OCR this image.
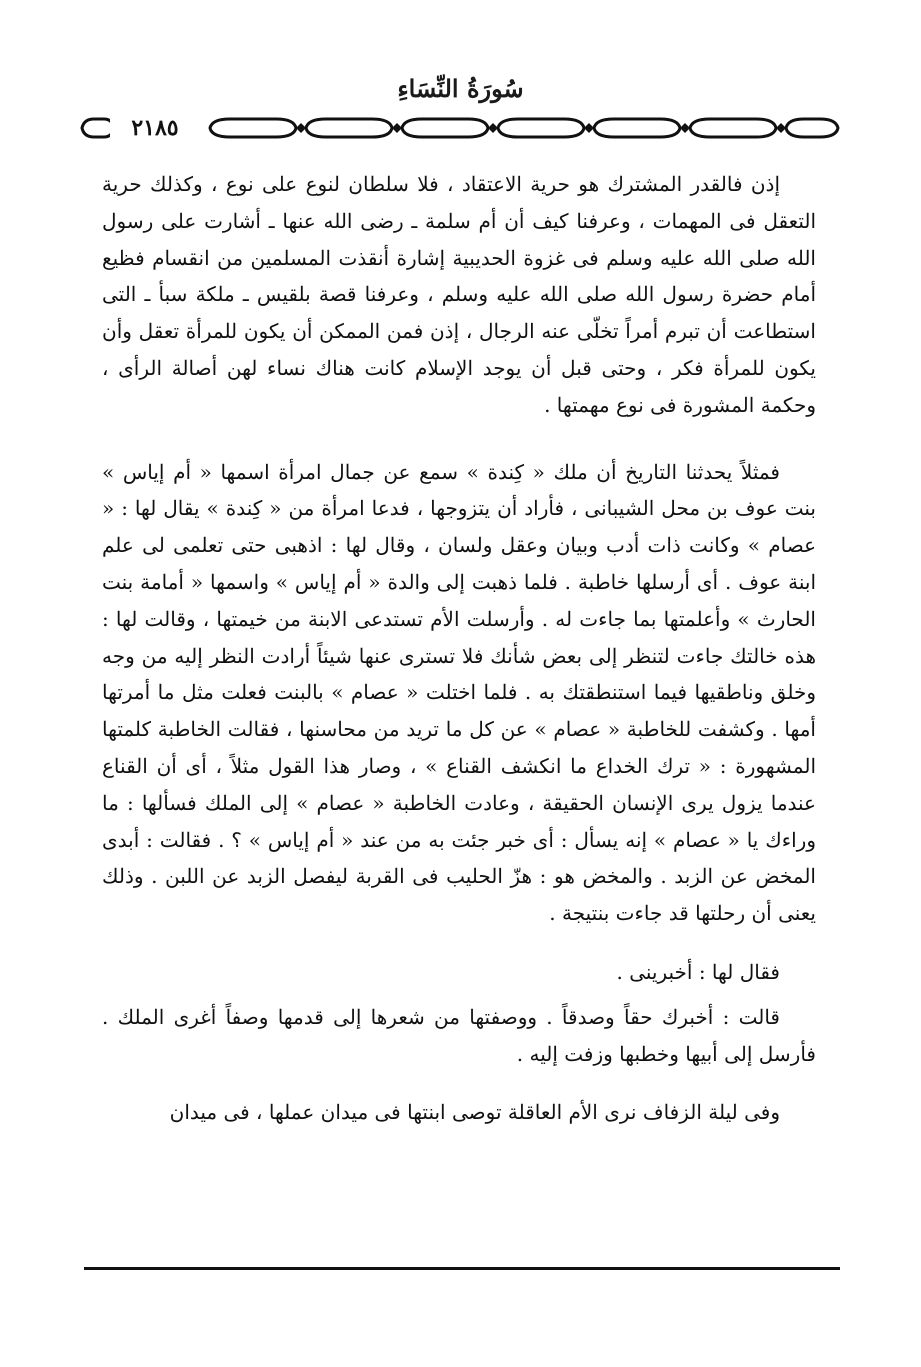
سُورَةُ النِّسَاءِ
٢١٨٥

إذن فالقدر المشترك هو حرية الاعتقاد ، فلا سلطان لنوع على نوع ، وكذلك حرية التعقل فى المهمات ، وعرفنا كيف أن أم سلمة ـ رضى الله عنها ـ أشارت على رسول الله صلى الله عليه وسلم فى غزوة الحديبية إشارة أنقذت المسلمين من انقسام فظيع أمام حضرة رسول الله صلى الله عليه وسلم ، وعرفنا قصة بلقيس ـ ملكة سبأ ـ التى استطاعت أن تبرم أمراً تخلّى عنه الرجال ، إذن فمن الممكن أن يكون للمرأة تعقل وأن يكون للمرأة فكر ، وحتى قبل أن يوجد الإسلام كانت هناك نساء لهن أصالة الرأى ، وحكمة المشورة فى نوع مهمتها .

فمثلاً يحدثنا التاريخ أن ملك « كِندة » سمع عن جمال امرأة اسمها « أم إياس » بنت عوف بن محل الشيبانى ، فأراد أن يتزوجها ، فدعا امرأة من « كِندة » يقال لها : « عصام » وكانت ذات أدب وبيان وعقل ولسان ، وقال لها : اذهبى حتى تعلمى لى علم ابنة عوف . أى أرسلها خاطبة . فلما ذهبت إلى والدة « أم إياس » واسمها « أمامة بنت الحارث » وأعلمتها بما جاءت له . وأرسلت الأم تستدعى الابنة من خيمتها ، وقالت لها : هذه خالتك جاءت لتنظر إلى بعض شأنك فلا تسترى عنها شيئاً أرادت النظر إليه من وجه وخلق وناطقيها فيما استنطقتك به . فلما اختلت « عصام » بالبنت فعلت مثل ما أمرتها أمها . وكشفت للخاطبة « عصام » عن كل ما تريد من محاسنها ، فقالت الخاطبة كلمتها المشهورة : « ترك الخداع ما انكشف القناع » ، وصار هذا القول مثلاً ، أى أن القناع عندما يزول يرى الإنسان الحقيقة ، وعادت الخاطبة « عصام » إلى الملك فسألها : ما وراءك يا « عصام » إنه يسأل : أى خبر جئت به من عند « أم إياس » ؟ . فقالت : أبدى المخض عن الزبد . والمخض هو : هزّ الحليب فى القربة ليفصل الزبد عن اللبن . وذلك يعنى أن رحلتها قد جاءت بنتيجة .

فقال لها : أخبرينى .

قالت : أخبرك حقاً وصدقاً . ووصفتها من شعرها إلى قدمها وصفاً أغرى الملك . فأرسل إلى أبيها وخطبها وزفت إليه .

وفى ليلة الزفاف نرى الأم العاقلة توصى ابنتها فى ميدان عملها ، فى ميدان
